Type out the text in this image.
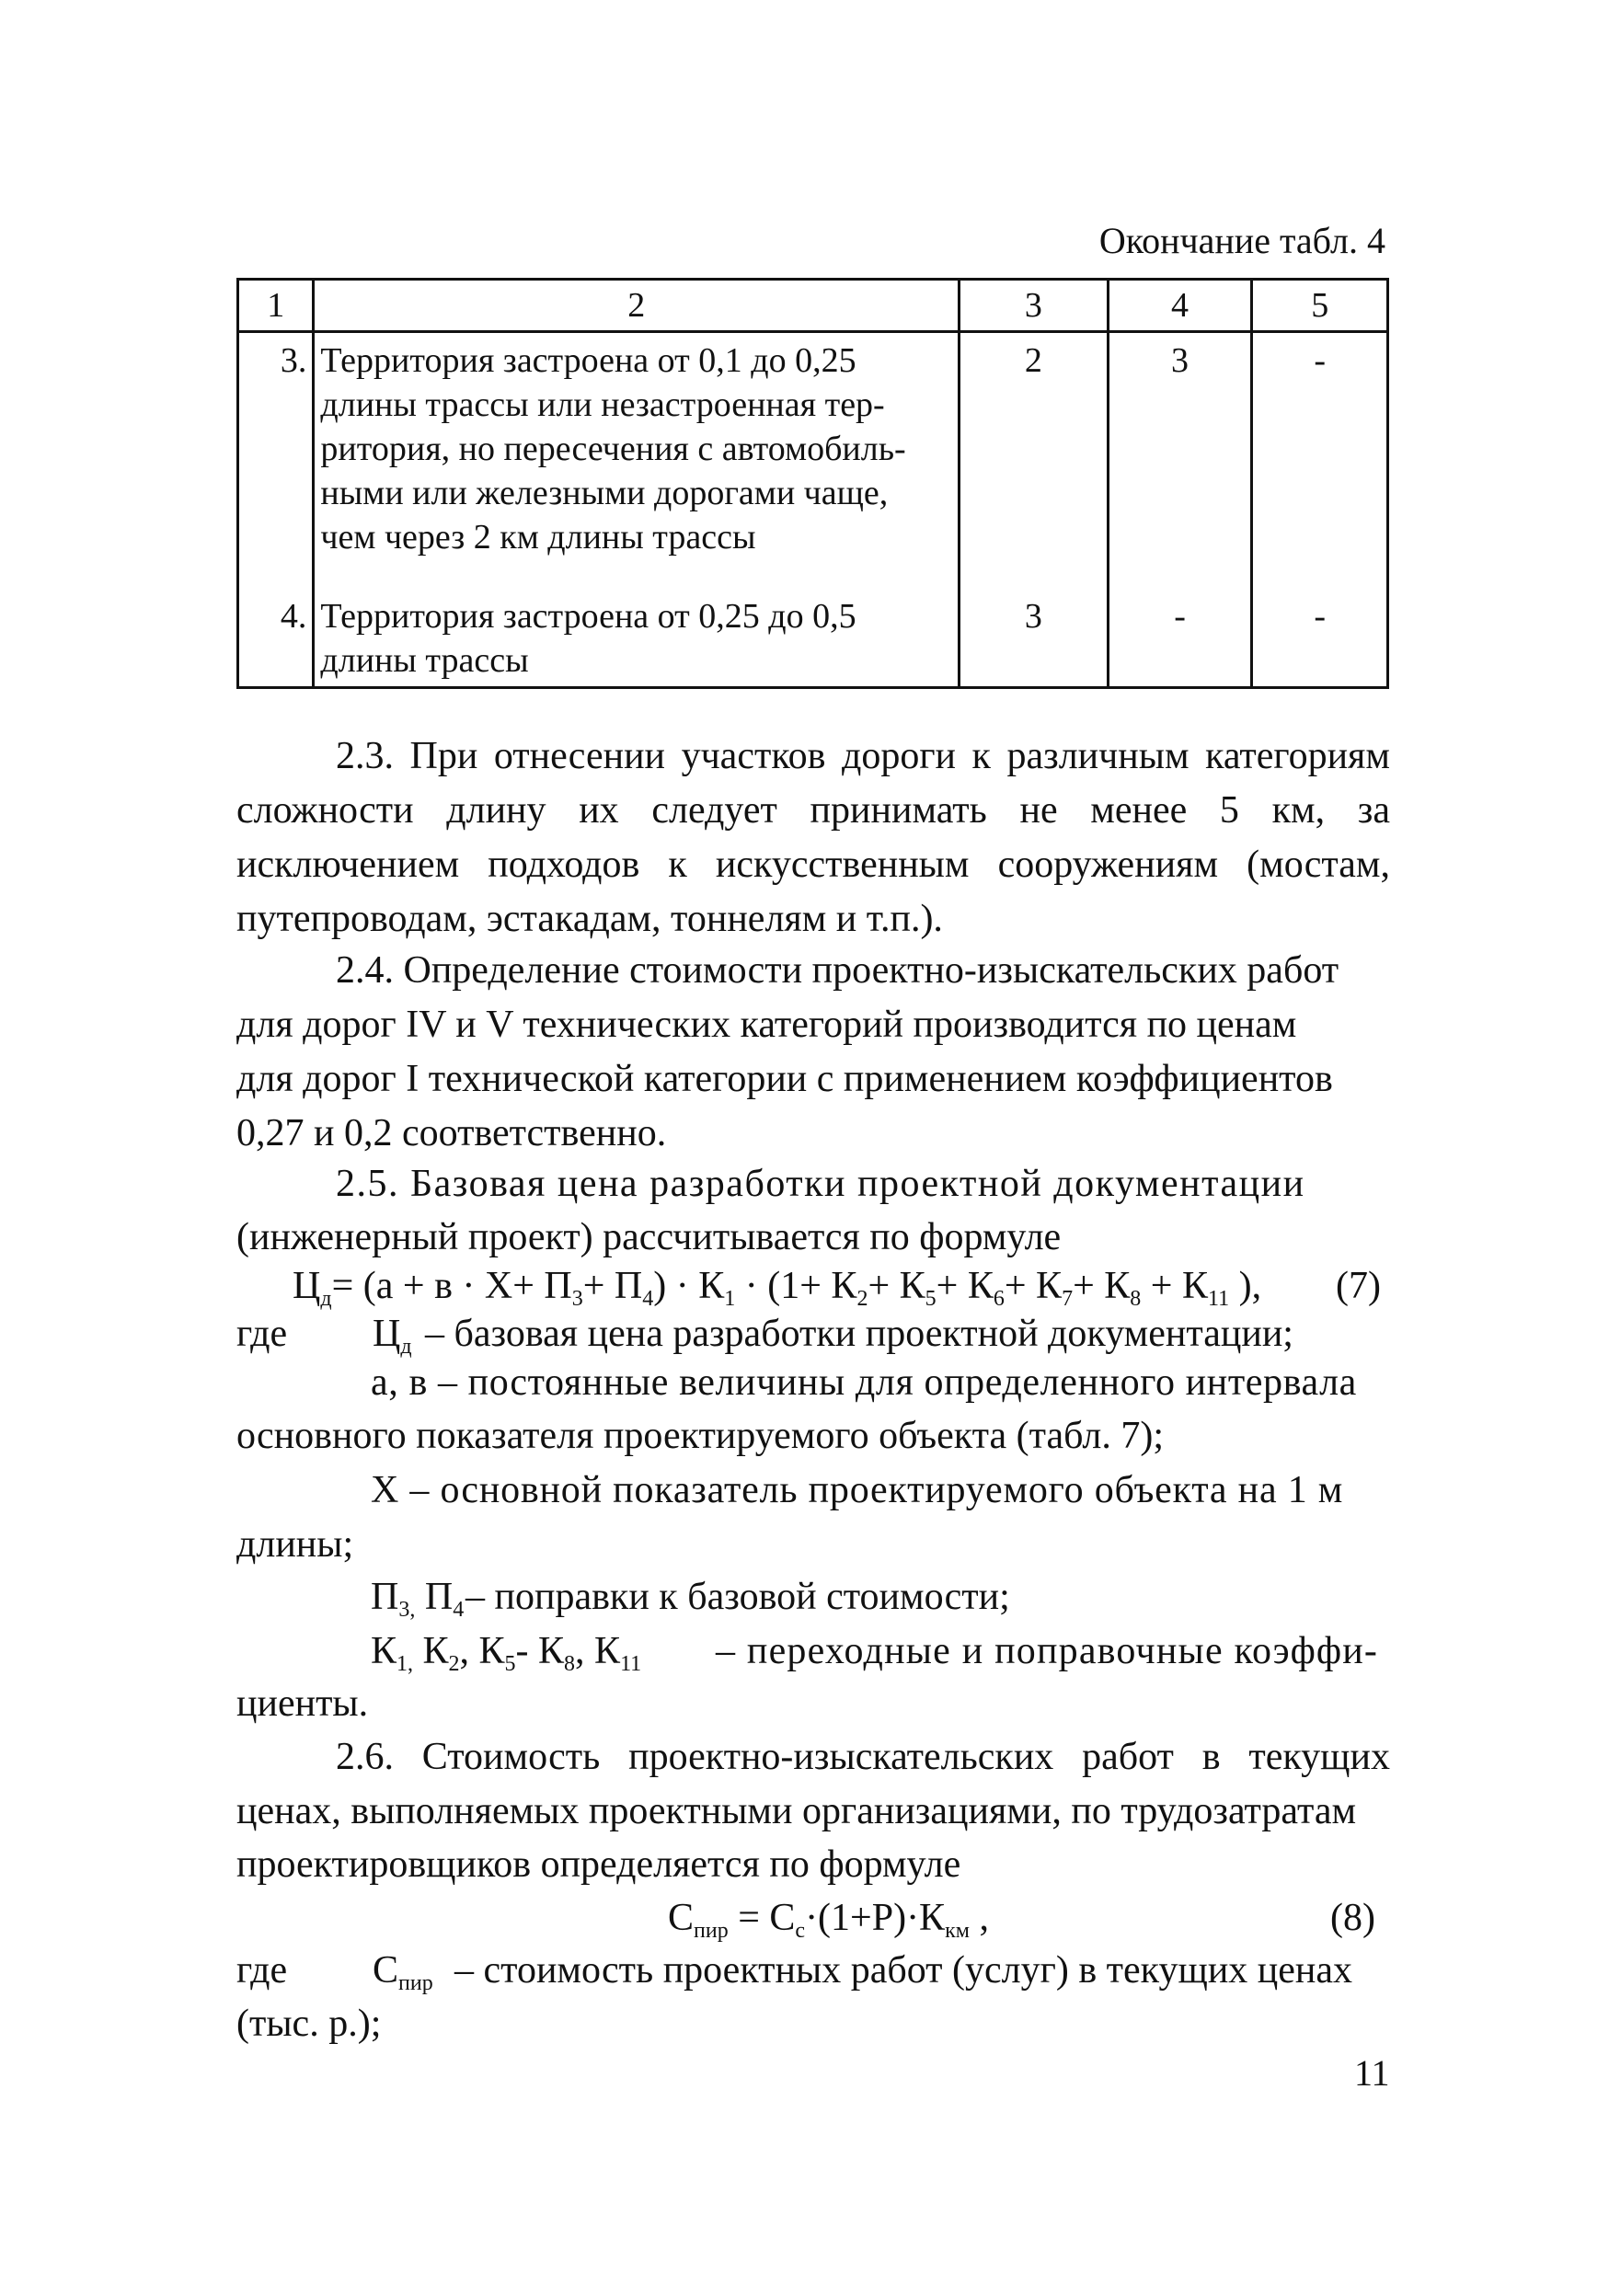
Окончание табл. 4
1	2	3	4	5
3.	Территория застроена от 0,1 до 0,25
длины трассы или незастроенная тер-
ритория, но пересечения с автомобиль-
ными или железными дорогами чаще,
чем через 2 км длины трассы	2	3	-
4.	Территория застроена от 0,25 до 0,5
длины трассы	3	-	-
2.3. При отнесении участков дороги к различным категориям
сложности длину их следует принимать не менее 5 км, за
исключением подходов к искусственным сооружениям (мостам,
путепроводам, эстакадам, тоннелям и т.п.).
2.4. Определение стоимости проектно-изыскательских работ
для дорог IV и V технических категорий производится по ценам
для дорог I технической категории с применением коэффициентов
0,27 и 0,2 соответственно.
2.5. Базовая цена разработки проектной документации
(инженерный проект) рассчитывается по формуле
$Ц_д= (а + в \cdot X+ П_3+ П_4) \cdot К_1 \cdot (1+ К_2+ К_5+ К_6+ К_7+ К_8 + К_{11}$ ), (7)
где $Ц_д$ – базовая цена разработки проектной документации;
а, в – постоянные величины для определенного интервала
основного показателя проектируемого объекта (табл. 7);
X – основной показатель проектируемого объекта на 1 м
длины;
$П_{3,}$ $П_4$ – поправки к базовой стоимости;
$К_{1,}$ $К_2$, $К_5-$ $К_8$, $К_{11}$ – переходные и поправочные коэффи-
циенты.
2.6. Стоимость проектно-изыскательских работ в текущих
ценах, выполняемых проектными организациями, по трудозатратам
проектировщиков определяется по формуле
$С_{пир} = С_с\cdot(1+Р)\cdot К_{км}$ ,	(8)
где $С_{пир}$ – стоимость проектных работ (услуг) в текущих ценах
(тыс. р.);
11
